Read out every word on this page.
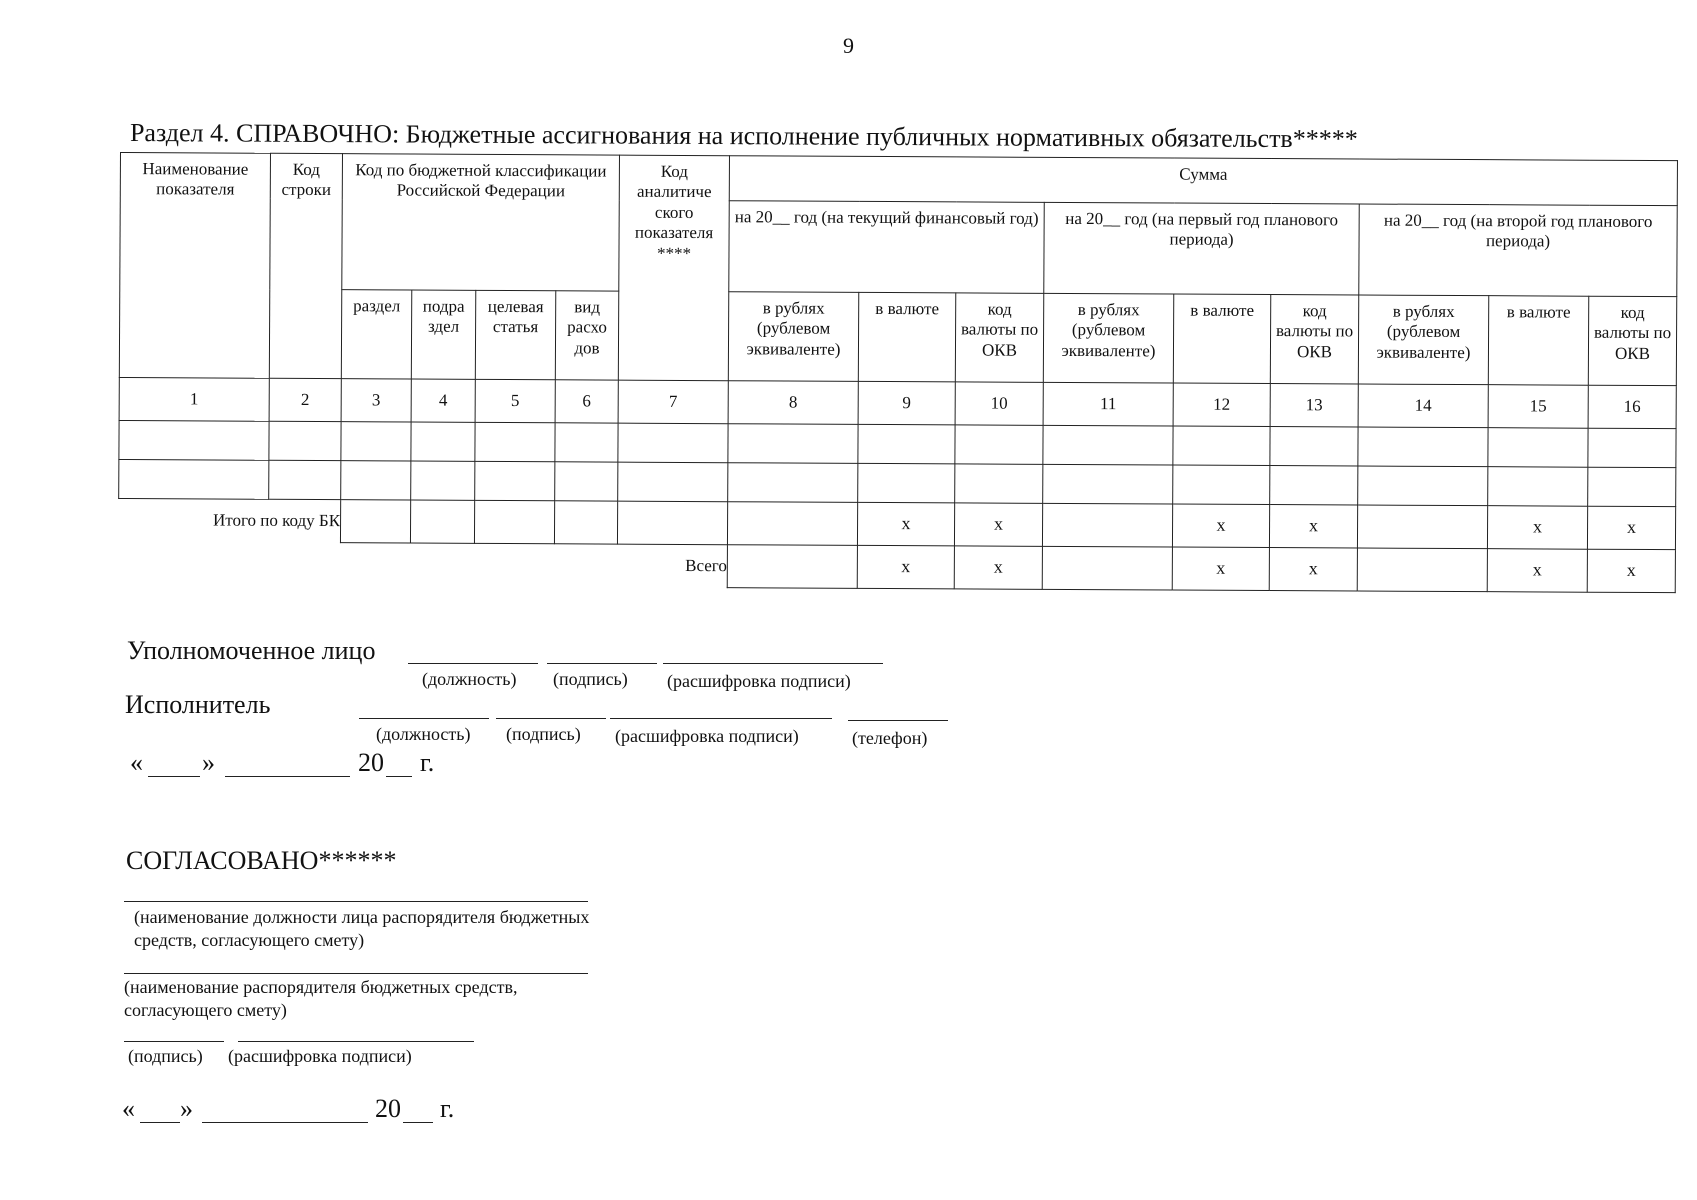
9
Раздел 4. СПРАВОЧНО: Бюджетные ассигнования на исполнение публичных нормативных обязательств*****
Наименование показателя	Код строки	Код по бюджетной классификации Российской Федерации				Код аналитиче ского показателя ****	Сумма								
							на 20__ год (на текущий финансовый год)			на 20__ год (на первый год планового периода)			на 20__ год (на второй год планового периода)		
		раздел	подра здел	целевая статья	вид расхо дов		в рублях (рублевом эквиваленте)	в валюте	код валюты по ОКВ	в рублях (рублевом эквиваленте)	в валюте	код валюты по ОКВ	в рублях (рублевом эквиваленте)	в валюте	код валюты по ОКВ
1	2	3	4	5	6	7	8	9	10	11	12	13	14	15	16

Итого по коду БК								x	x		x	x		x	x
Всего								x	x		x	x		x	x
Уполномоченное лицо
(должность) (подпись) (расшифровка подписи)
Исполнитель
(должность) (подпись) (расшифровка подписи)	(телефон)
« »	20 г.
СОГЛАСОВАНО******
(наименование должности лица распорядителя бюджетных средств, согласующего смету)
(наименование распорядителя бюджетных средств, согласующего смету)
(подпись) (расшифровка подписи)
« »	20 г.
